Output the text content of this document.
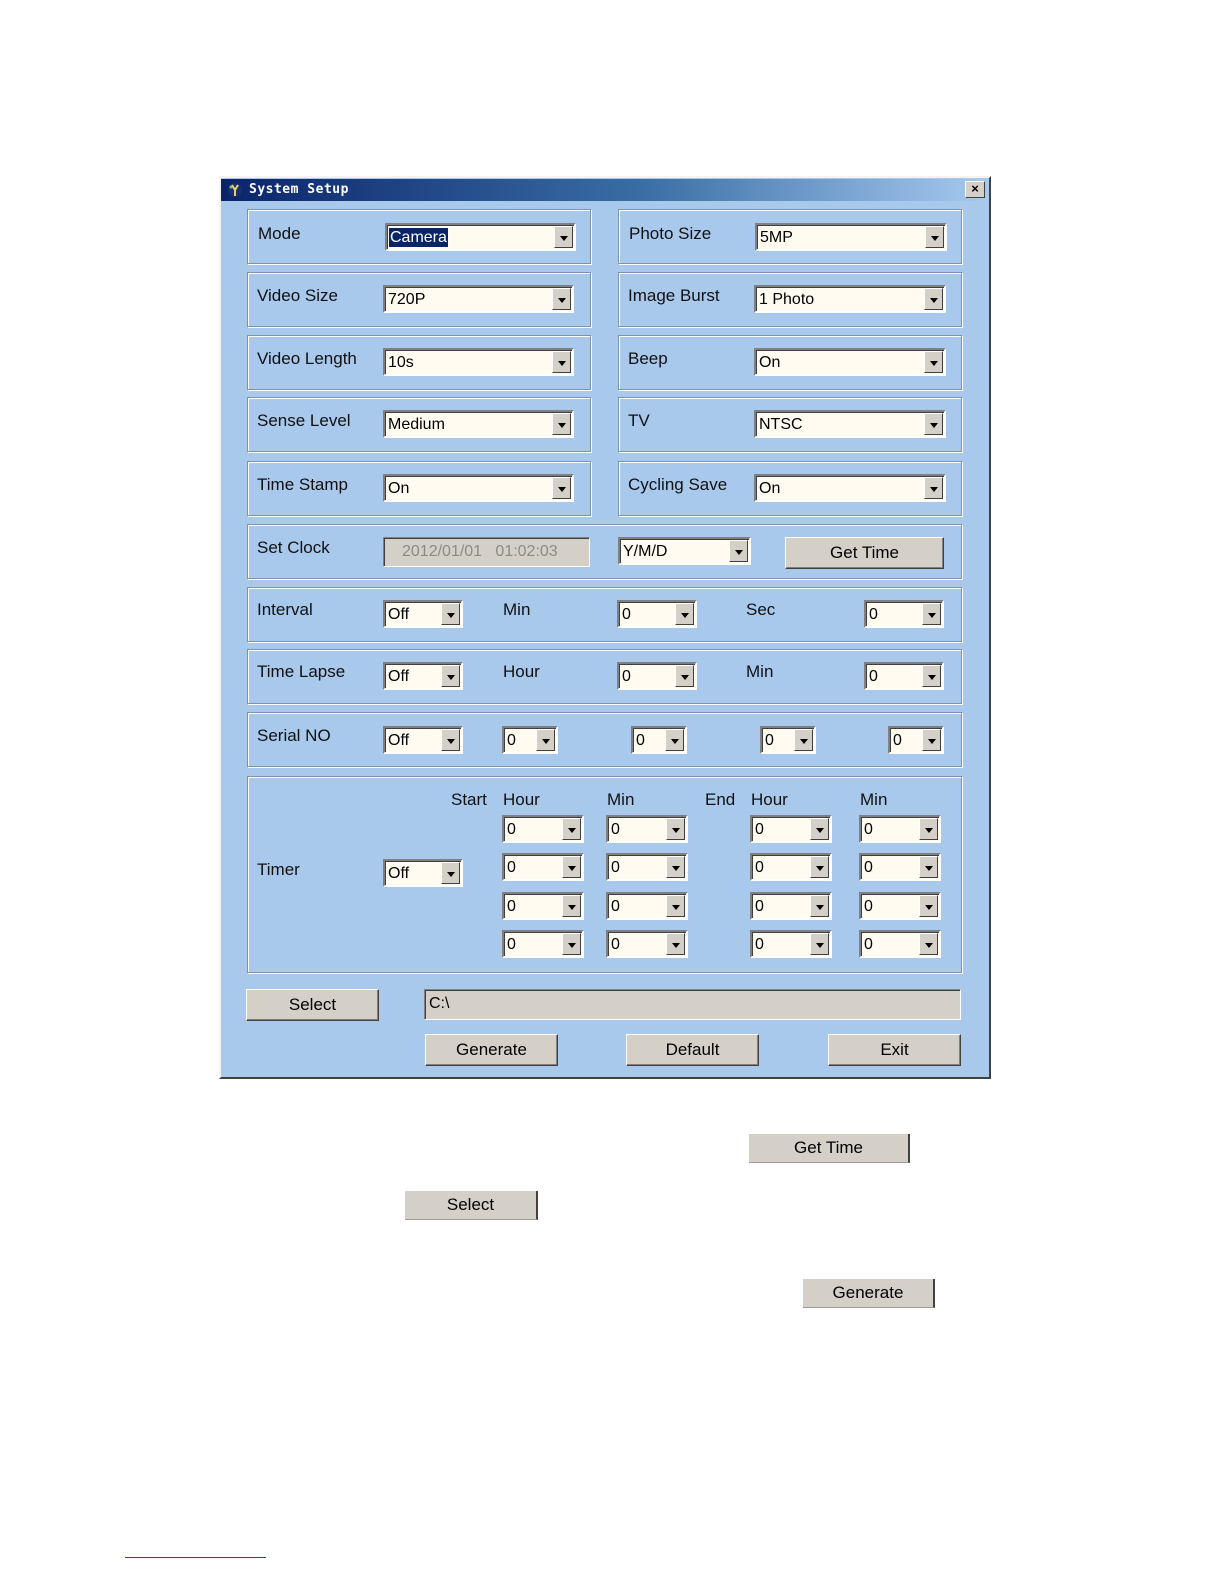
System Setup	×
Mode	Camera	Photo Size	5MP
Video Size	720P	Image Burst 1 Photo
Video Length 10s	Beep	On
Sense Level Medium	TV	NTSC
Time Stamp On	Cycling Save On
Set Clock	2012/01/01   01:02:03	Y/M/D	Get Time
Interval	Off	Min	0	Sec	0
Time Lapse	Off	Hour	0	Min	0
Serial NO	Off	0	0	0	0
Timer	Off
Start Hour	Min	End Hour	Min
0	0	0	0
0	0	0	0
0	0	0	0
0	0	0	0
Select	C:\
Generate	Default	Exit
Get Time
Select
Generate
